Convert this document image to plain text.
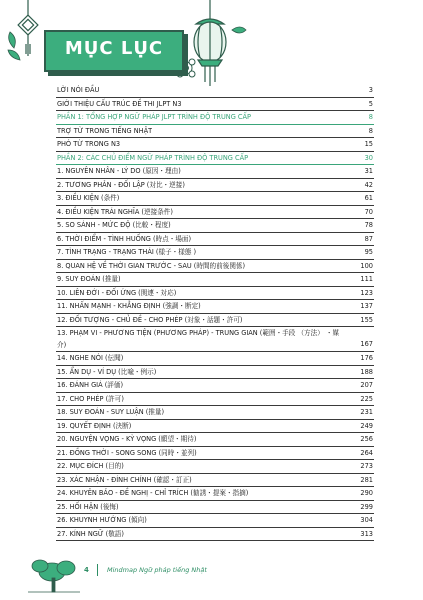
MỤC LỤC
LỜI NÓI ĐẦU	3
GIỚI THIỆU CẤU TRÚC ĐỀ THI JLPT N3	5
PHẦN 1: TỔNG HỢP NGỮ PHÁP JLPT TRÌNH ĐỘ TRUNG CẤP	8
TRỢ TỪ TRONG TIẾNG NHẬT	8
PHÓ TỪ TRONG N3	15
PHẦN 2: CÁC CHỦ ĐIỂM NGỮ PHÁP TRÌNH ĐỘ TRUNG CẤP	30
1. NGUYÊN NHÂN - LÝ DO (原因・理由)	31
2. TƯƠNG PHẢN - ĐỐI LẬP (対比・逆接)	42
3. ĐIỀU KIỆN (条件)	61
4. ĐIỀU KIỆN TRÁI NGHĨA (逆接条件)	70
5. SO SÁNH - MỨC ĐỘ (比較・程度)	78
6. THỜI ĐIỂM - TÌNH HUỐNG (時点・場面)	87
7. TÌNH TRẠNG - TRẠNG THÁI (様子・様態 )	95
8. QUAN HỆ VỀ THỜI GIAN TRƯỚC - SAU (時間的前後関係)	100
9. SUY ĐOÁN (推量)	111
10. LIÊN ĐỚI - ĐỐI ỨNG (関連・対応)	123
11. NHẤN MẠNH - KHẲNG ĐỊNH (強調・断定)	137
12. ĐỐI TƯỢNG - CHỦ ĐỀ - CHO PHÉP (対象・話題・許可)	155
13. PHẠM VI - PHƯƠNG TIỆN (PHƯƠNG PHÁP) - TRUNG GIAN (範囲・手段 （方法） ・媒介)	167
14. NGHE NÓI (伝聞)	176
15. ẨN DỤ - VÍ DỤ (比喩・例示)	188
16. ĐÁNH GIÁ (評価)	207
17. CHO PHÉP (許可)	225
18. SUY ĐOÁN - SUY LUẬN (推量)	231
19. QUYẾT ĐỊNH (決断)	249
20. NGUYỆN VỌNG - KỲ VỌNG (願望・期待)	256
21. ĐỒNG THỜI - SONG SONG (同時・並列)	264
22. MỤC ĐÍCH (目的)	273
23. XÁC NHẬN - ĐÍNH CHÍNH (確認・訂正)	281
24. KHUYÊN BẢO - ĐỀ NGHỊ - CHỈ TRÍCH (勧誘・提案・指摘)	290
25. HỐI HẬN (後悔)	299
26. KHUYNH HƯỚNG (傾向)	304
27. KÍNH NGỮ (敬語)	313
4	Mindmap Ngữ pháp tiếng Nhật
